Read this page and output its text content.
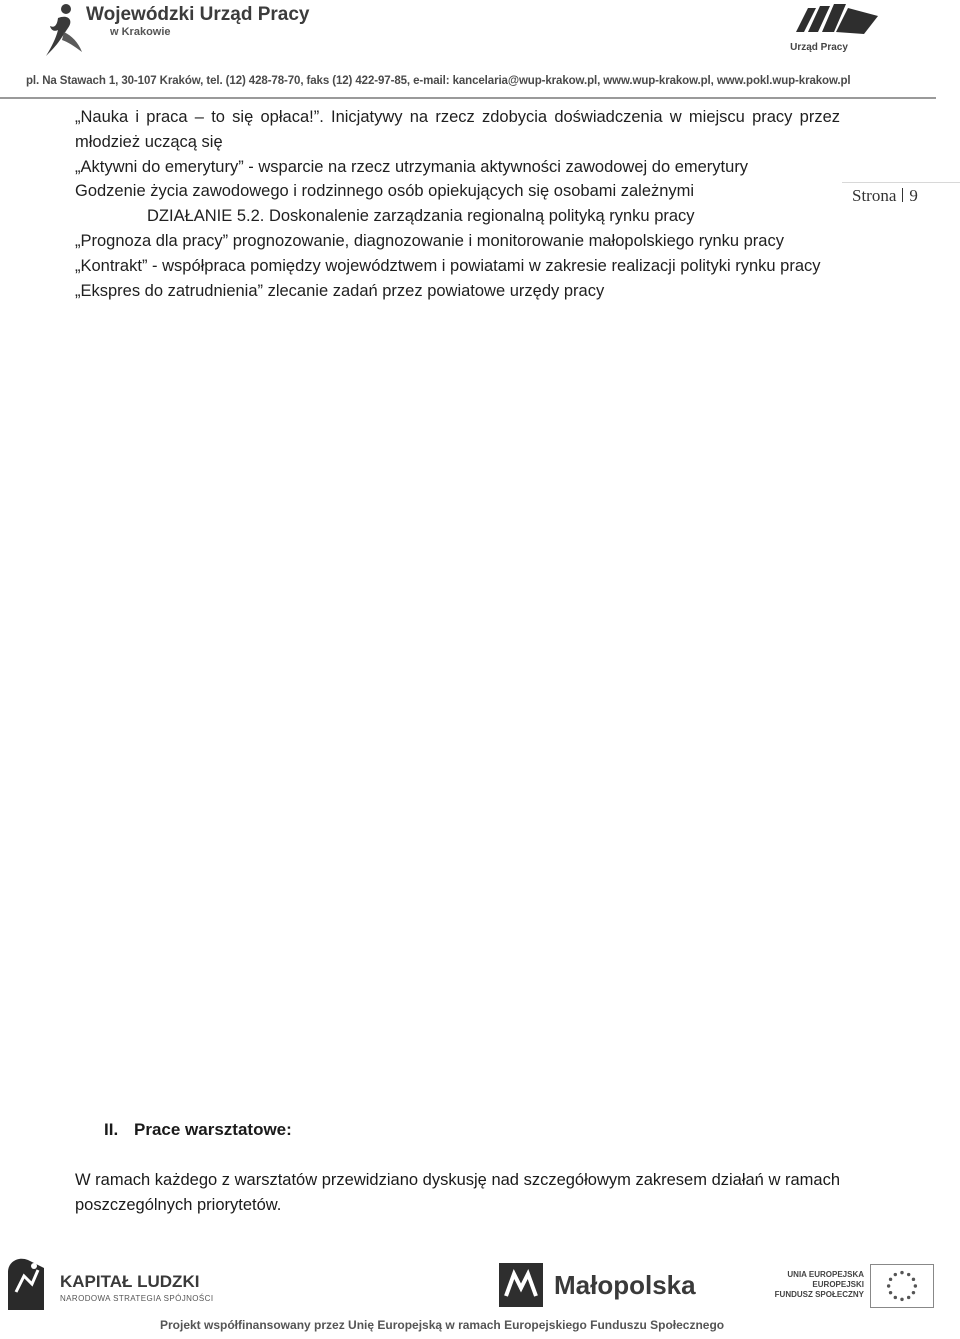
Wojewódzki Urząd Pracy
w Krakowie
Urząd Pracy
pl. Na Stawach 1, 30-107 Kraków, tel. (12) 428-78-70, faks (12) 422-97-85, e-mail: kancelaria@wup-krakow.pl, www.wup-krakow.pl, www.pokl.wup-krakow.pl
Strona 9

„Nauka i praca – to się opłaca!”. Inicjatywy na rzecz zdobycia doświadczenia w miejscu pracy przez młodzież uczącą się

„Aktywni do emerytury” - wsparcie na rzecz utrzymania aktywności zawodowej do emerytury

Godzenie życia zawodowego i rodzinnego osób opiekujących się osobami zależnymi

DZIAŁANIE 5.2. Doskonalenie zarządzania regionalną polityką rynku pracy

„Prognoza dla pracy” prognozowanie, diagnozowanie i monitorowanie małopolskiego rynku pracy

„Kontrakt” - współpraca pomiędzy województwem i powiatami w zakresie realizacji polityki rynku pracy

„Ekspres do zatrudnienia” zlecanie zadań przez powiatowe urzędy pracy

II. Prace warsztatowe:

W ramach każdego z warsztatów przewidziano dyskusję nad szczegółowym zakresem działań w ramach poszczególnych priorytetów.

KAPITAŁ LUDZKI
NARODOWA STRATEGIA SPÓJNOŚCI	Małopolska	UNIA EUROPEJSKA
EUROPEJSKI
FUNDUSZ SPOŁECZNY
Projekt współfinansowany przez Unię Europejską w ramach Europejskiego Funduszu Społecznego
